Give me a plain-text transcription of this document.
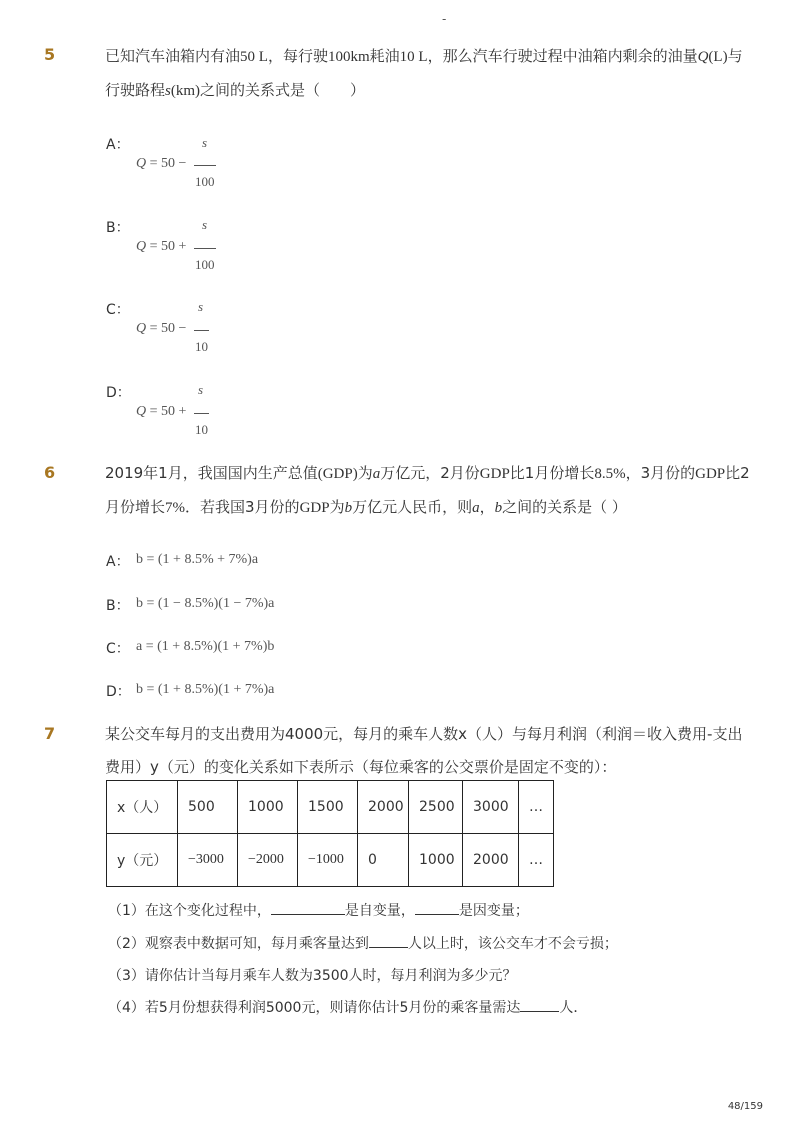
-
5	已知汽车油箱内有油50 L，每行驶100km耗油10 L，那么汽车行驶过程中油箱内剩余的油量Q(L)与
行驶路程s(km)之间的关系式是（　　）
A：	s
Q = 50 −
100
B：	s
Q = 50 +
100
C：	s
Q = 50 −
10
D：	s
Q = 50 +
10
6	2019年1月，我国国内生产总值(GDP)为a万亿元，2月份GDP比1月份增长8.5%，3月份的GDP比2
月份增长7%．若我国3月份的GDP为b万亿元人民币，则a，b之间的关系是（ ）
A： b = (1 + 8.5% + 7%)a
B： b = (1 − 8.5%)(1 − 7%)a
C： a = (1 + 8.5%)(1 + 7%)b
D： b = (1 + 8.5%)(1 + 7%)a
7	某公交车每月的支出费用为4000元，每月的乘车人数x（人）与每月利润（利润＝收入费用-支出
费用）y（元）的变化关系如下表所示（每位乘客的公交票价是固定不变的）：
x（人）	500	1000	1500	2000	2500	3000	…
y（元）	−3000	−2000	−1000	0	1000	2000	…
（1）在这个变化过程中，	是自变量，	是因变量；
（2）观察表中数据可知，每月乘客量达到	人以上时，该公交车才不会亏损；
（3）请你估计当每月乘车人数为3500人时，每月利润为多少元？
（4）若5月份想获得利润5000元，则请你估计5月份的乘客量需达	人．
48/159
